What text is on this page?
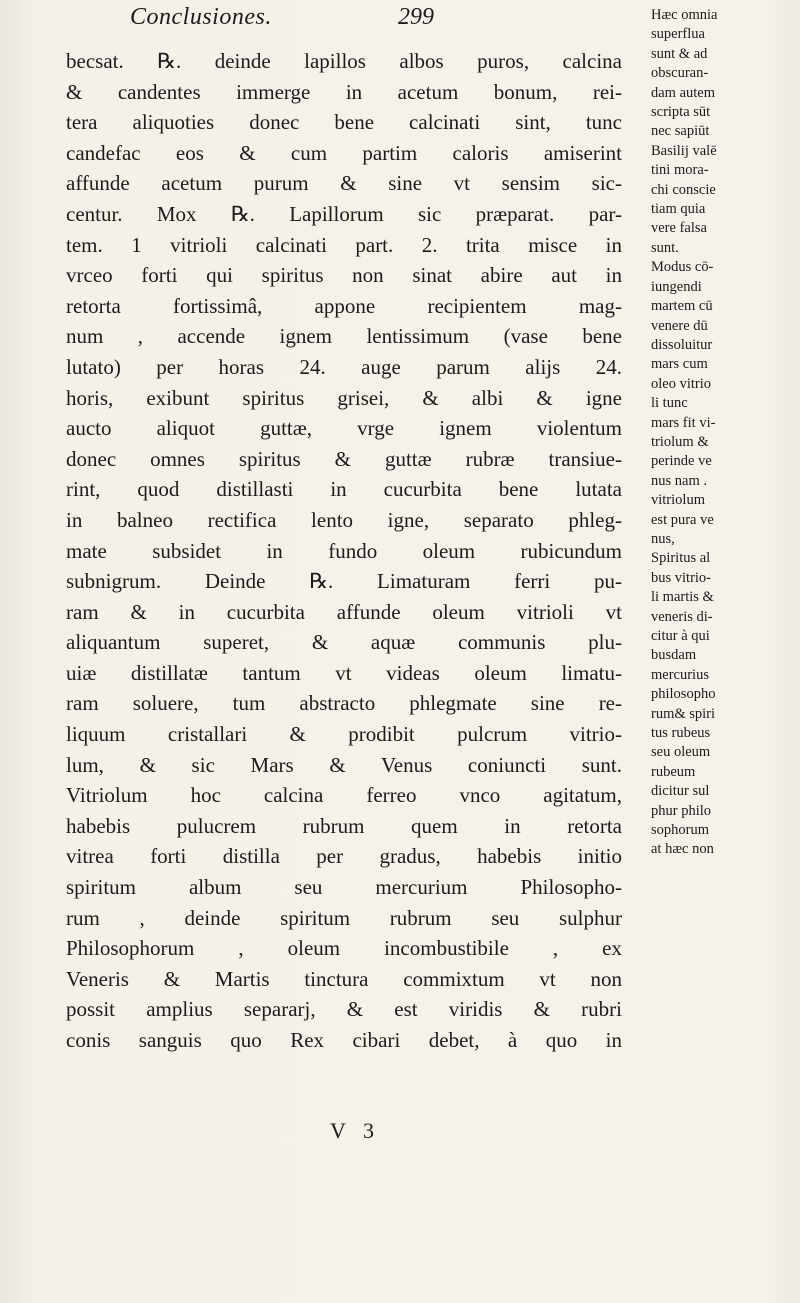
Conclusiones.	299
becsat. ℞. deinde lapillos albos puros, calcina
& candentes immerge in acetum bonum, rei-
tera aliquoties donec bene calcinati sint, tunc
candefac eos & cum partim caloris amiserint
affunde acetum purum & sine vt sensim sic-
centur. Mox ℞. Lapillorum sic præparat. par-
tem. 1 vitrioli calcinati part. 2. trita misce in
vrceo forti qui spiritus non sinat abire aut in
retorta fortissimâ, appone recipientem mag-
num , accende ignem lentissimum (vase bene
lutato) per horas 24. auge parum alijs 24.
horis, exibunt spiritus grisei, & albi & igne
aucto aliquot guttæ, vrge ignem violentum
donec omnes spiritus & guttæ rubræ transiue-
rint, quod distillasti in cucurbita bene lutata
in balneo rectifica lento igne, separato phleg-
mate subsidet in fundo oleum rubicundum
subnigrum. Deinde ℞. Limaturam ferri pu-
ram & in cucurbita affunde oleum vitrioli vt
aliquantum superet, & aquæ communis plu-
uiæ distillatæ tantum vt videas oleum limatu-
ram soluere, tum abstracto phlegmate sine re-
liquum cristallari & prodibit pulcrum vitrio-
lum, & sic Mars & Venus coniuncti sunt.
Vitriolum hoc calcina ferreo vnco agitatum,
habebis pulucrem rubrum quem in retorta
vitrea forti distilla per gradus, habebis initio
spiritum album seu mercurium Philosopho-
rum , deinde spiritum rubrum seu sulphur
Philosophorum , oleum incombustibile , ex
Veneris & Martis tinctura commixtum vt non
possit amplius separarj, & est viridis & rubri
conis sanguis quo Rex cibari debet, à quo in
V 3
Hæc omnia
superflua
sunt & ad
obscuran-
dam autem
scripta sūt
nec sapiūt
Basilij valē
tini mora-
chi conscie
tiam quia
vere falsa
sunt.
Modus cō-
iungendi
martem cū
venere dū
dissoluitur
mars cum
oleo vitrio
li tunc
mars fit vi-
triolum &
perinde ve
nus nam .
vitriolum
est pura ve
nus,
Spiritus al
bus vitrio-
li martis &
veneris di-
citur à qui
busdam
mercurius
philosopho
rum& spiri
tus rubeus
seu oleum
rubeum
dicitur sul
phur philo
sophorum
at hæc non
